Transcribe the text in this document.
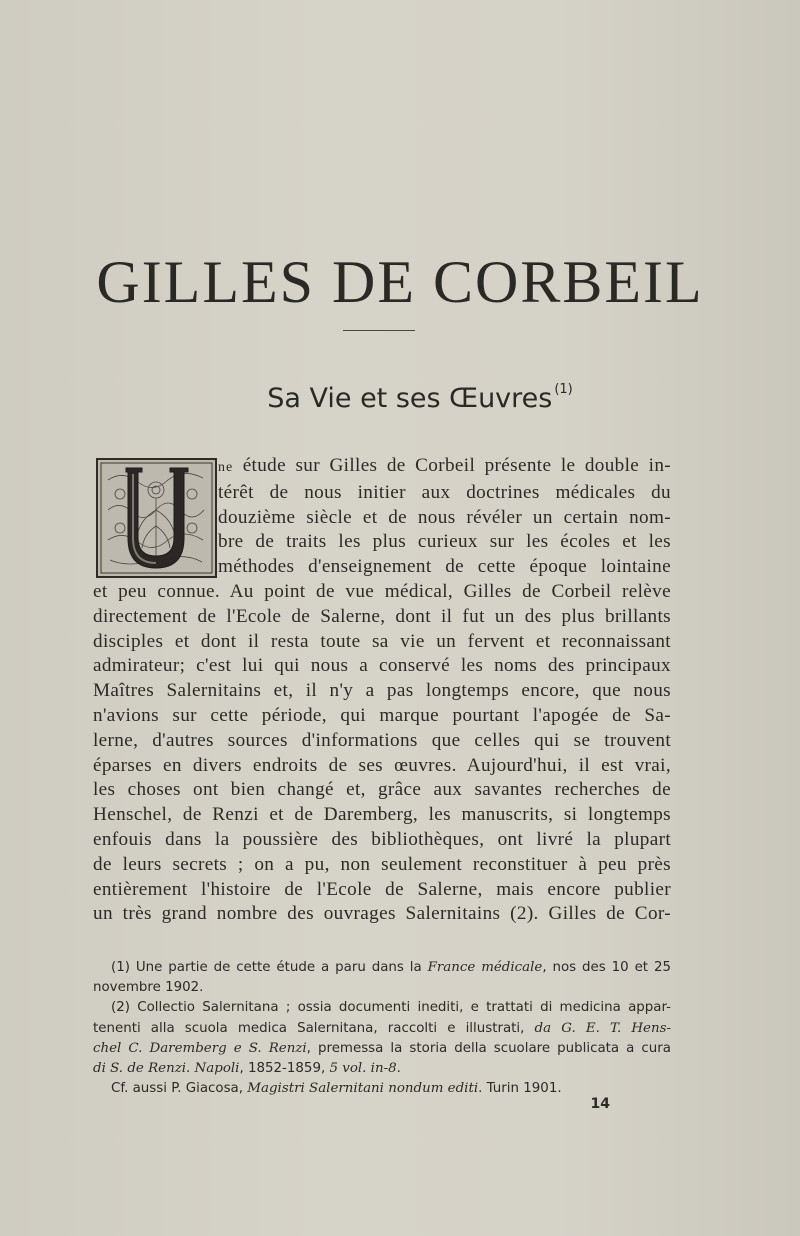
GILLES DE CORBEIL
Sa Vie et ses Œuvres $^{(1)}$
ne étude sur Gilles de Corbeil présente le double in-
térêt de nous initier aux doctrines médicales du
douzième siècle et de nous révéler un certain nom-
bre de traits les plus curieux sur les écoles et les
méthodes d'enseignement de cette époque lointaine
et peu connue. Au point de vue médical, Gilles de Corbeil relève
directement de l'Ecole de Salerne, dont il fut un des plus brillants
disciples et dont il resta toute sa vie un fervent et reconnaissant
admirateur; c'est lui qui nous a conservé les noms des principaux
Maîtres Salernitains et, il n'y a pas longtemps encore, que nous
n'avions sur cette période, qui marque pourtant l'apogée de Sa-
lerne, d'autres sources d'informations que celles qui se trouvent
éparses en divers endroits de ses œuvres. Aujourd'hui, il est vrai,
les choses ont bien changé et, grâce aux savantes recherches de
Henschel, de Renzi et de Daremberg, les manuscrits, si longtemps
enfouis dans la poussière des bibliothèques, ont livré la plupart
de leurs secrets ; on a pu, non seulement reconstituer à peu près
entièrement l'histoire de l'Ecole de Salerne, mais encore publier
un très grand nombre des ouvrages Salernitains (2). Gilles de Cor-
(1) Une partie de cette étude a paru dans la France médicale, nos des 10 et 25
novembre 1902.
(2) Collectio Salernitana ; ossia documenti inediti, e trattati di medicina appar-
tenenti alla scuola medica Salernitana, raccolti e illustrati, da G. E. T. Hens-
chel C. Daremberg e S. Renzi, premessa la storia della scuolare publicata a cura
di S. de Renzi. Napoli, 1852-1859, 5 vol. in-8.
Cf. aussi P. Giacosa, Magistri Salernitani nondum editi. Turin 1901.
14
